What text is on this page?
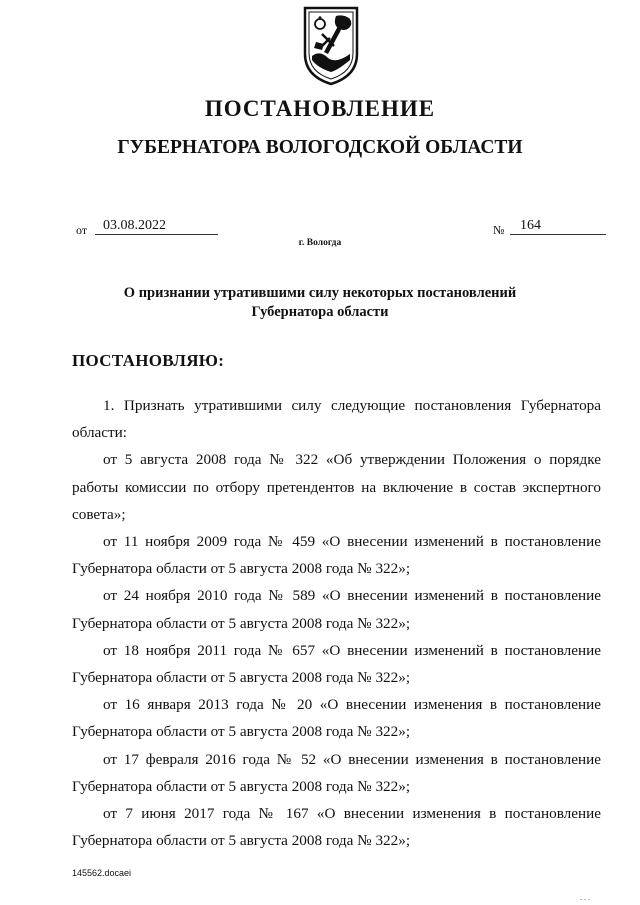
ПОСТАНОВЛЕНИЕ
ГУБЕРНАТОРА ВОЛОГОДСКОЙ ОБЛАСТИ
от	03.08.2022	№	164
г. Вологда
О признании утратившими силу некоторых постановлений
Губернатора области
ПОСТАНОВЛЯЮ:

1. Признать утратившими силу следующие постановления Губернатора области:

от 5 августа 2008 года № 322 «Об утверждении Положения о порядке работы комиссии по отбору претендентов на включение в состав экспертного совета»;

от 11 ноября 2009 года № 459 «О внесении изменений в постановление Губернатора области от 5 августа 2008 года № 322»;

от 24 ноября 2010 года № 589 «О внесении изменений в постановление Губернатора области от 5 августа 2008 года № 322»;

от 18 ноября 2011 года № 657 «О внесении изменений в постановление Губернатора области от 5 августа 2008 года № 322»;

от 16 января 2013 года № 20 «О внесении изменения в постановление Губернатора области от 5 августа 2008 года № 322»;

от 17 февраля 2016 года № 52 «О внесении изменения в постановление Губернатора области от 5 августа 2008 года № 322»;

от 7 июня 2017 года № 167 «О внесении изменения в постановление Губернатора области от 5 августа 2008 года № 322»;

145562.docaei
...
